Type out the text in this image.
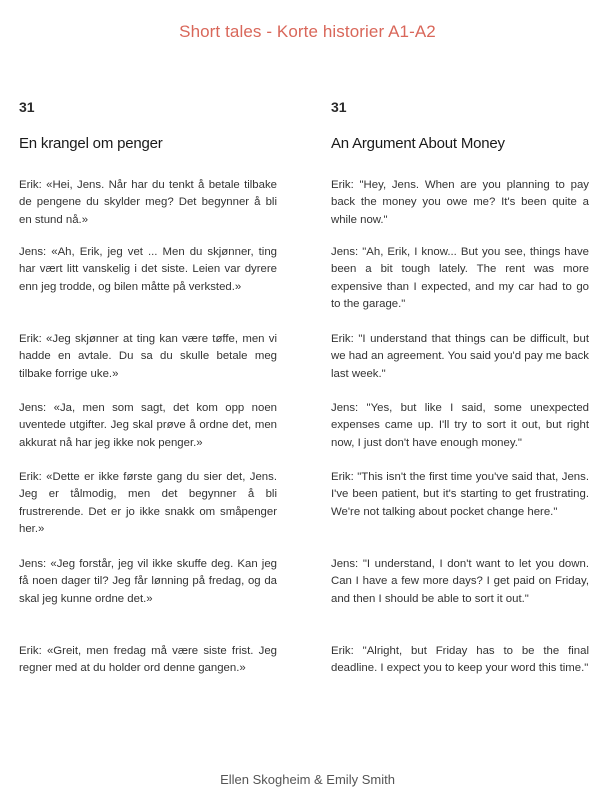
Short tales - Korte historier A1-A2
31
En krangel om penger

Erik: «Hei, Jens. Når har du tenkt å betale tilbake de pengene du skylder meg? Det begynner å bli en stund nå.»

Jens: «Ah, Erik, jeg vet ... Men du skjønner, ting har vært litt vanskelig i det siste. Leien var dyrere enn jeg trodde, og bilen måtte på verksted.»

Erik: «Jeg skjønner at ting kan være tøffe, men vi hadde en avtale. Du sa du skulle betale meg tilbake forrige uke.»

Jens: «Ja, men som sagt, det kom opp noen uventede utgifter. Jeg skal prøve å ordne det, men akkurat nå har jeg ikke nok penger.»

Erik: «Dette er ikke første gang du sier det, Jens. Jeg er tålmodig, men det begynner å bli frustrerende. Det er jo ikke snakk om småpenger her.»

Jens: «Jeg forstår, jeg vil ikke skuffe deg. Kan jeg få noen dager til? Jeg får lønning på fredag, og da skal jeg kunne ordne det.»

Erik: «Greit, men fredag må være siste frist. Jeg regner med at du holder ord denne gangen.»

31
An Argument About Money

Erik: "Hey, Jens. When are you planning to pay back the money you owe me? It's been quite a while now."

Jens: "Ah, Erik, I know... But you see, things have been a bit tough lately. The rent was more expensive than I expected, and my car had to go to the garage."

Erik: "I understand that things can be difficult, but we had an agreement. You said you'd pay me back last week."

Jens: "Yes, but like I said, some unexpected expenses came up. I'll try to sort it out, but right now, I just don't have enough money."

Erik: "This isn't the first time you've said that, Jens. I've been patient, but it's starting to get frustrating. We're not talking about pocket change here."

Jens: "I understand, I don't want to let you down. Can I have a few more days? I get paid on Friday, and then I should be able to sort it out."

Erik: "Alright, but Friday has to be the final deadline. I expect you to keep your word this time."

Ellen Skogheim & Emily Smith
